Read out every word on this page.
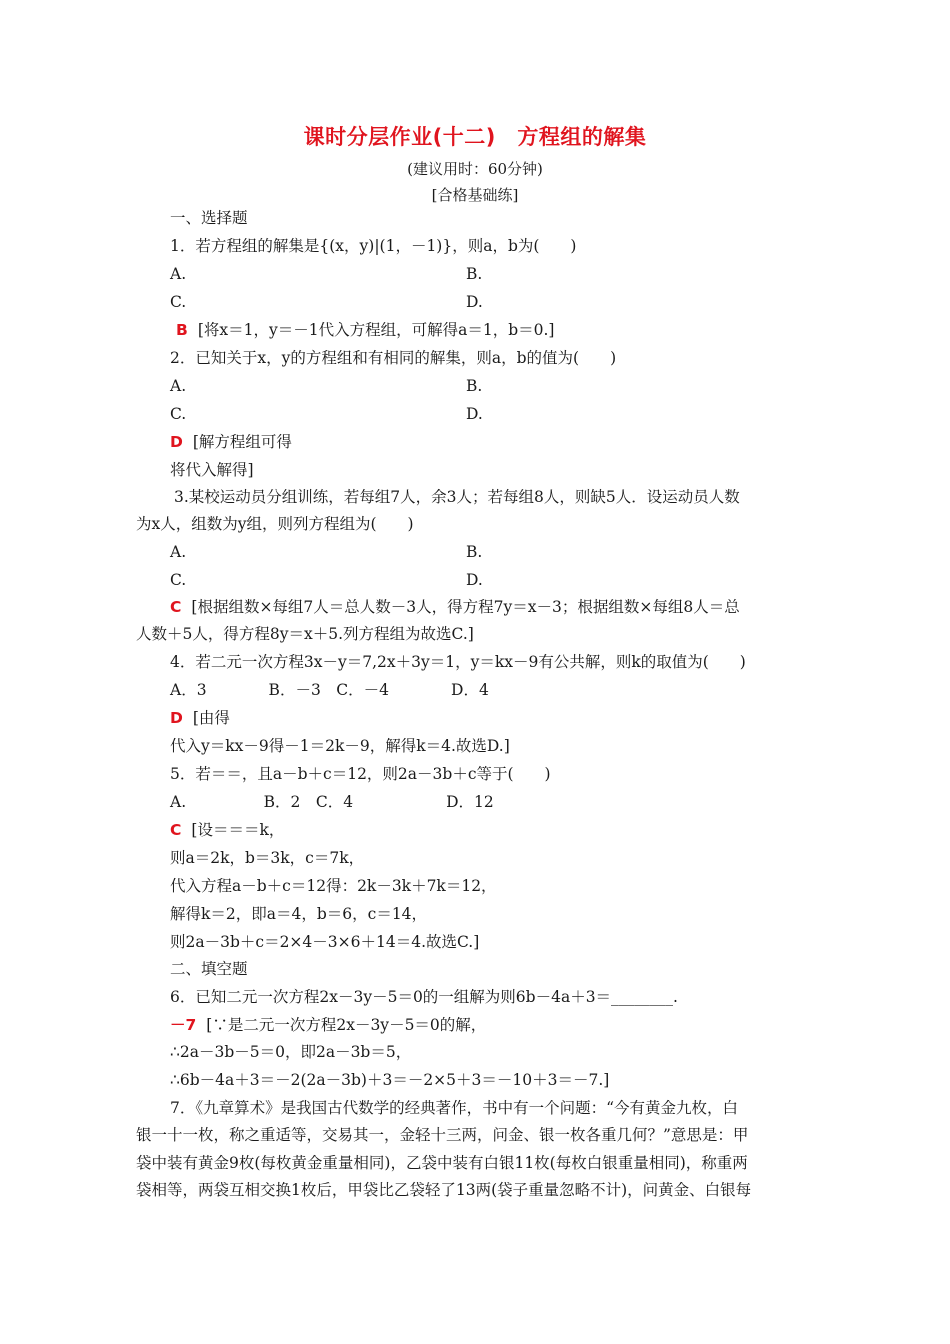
课时分层作业(十二)　方程组的解集
(建议用时：60分钟)
[合格基础练]
一、选择题
1．若方程组的解集是{(x，y)|(1，－1)}，则a，b为(　　)
A.	B.
C.	D.
B [将x＝1，y＝－1代入方程组，可解得a＝1，b＝0.]
2．已知关于x，y的方程组和有相同的解集，则a，b的值为(　　)
A.	B.
C.	D.
D [解方程组可得
将代入解得]
3.某校运动员分组训练，若每组7人，余3人；若每组8人，则缺5人．设运动员人数
为x人，组数为y组，则列方程组为(　　)
A.	B.
C.	D.
C [根据组数×每组7人＝总人数－3人，得方程7y＝x－3；根据组数×每组8人＝总
人数＋5人，得方程8y＝x＋5.列方程组为故选C.]
4．若二元一次方程3x－y＝7,2x＋3y＝1，y＝kx－9有公共解，则k的取值为(　　)
A．3　　　　B．－3　C．－4　　　　D．4
D [由得
代入y＝kx－9得－1＝2k－9，解得k＝4.故选D.]
5．若＝＝，且a－b＋c＝12，则2a－3b＋c等于(　　)
A.　　　　　B．2　C．4　　　　　　D．12
C [设＝＝＝k，
则a＝2k，b＝3k，c＝7k，
代入方程a－b＋c＝12得：2k－3k＋7k＝12，
解得k＝2，即a＝4，b＝6，c＝14，
则2a－3b＋c＝2×4－3×6＋14＝4.故选C.]
二、填空题
6．已知二元一次方程2x－3y－5＝0的一组解为则6b－4a＋3＝________.
－7 [∵是二元一次方程2x－3y－5＝0的解，
∴2a－3b－5＝0，即2a－3b＝5，
∴6b－4a＋3＝－2(2a－3b)＋3＝－2×5＋3＝－10＋3＝－7.]
7．《九章算术》是我国古代数学的经典著作，书中有一个问题：“今有黄金九枚，白
银一十一枚，称之重适等，交易其一，金轻十三两，问金、银一枚各重几何？”意思是：甲
袋中装有黄金9枚(每枚黄金重量相同)，乙袋中装有白银11枚(每枚白银重量相同)，称重两
袋相等，两袋互相交换1枚后，甲袋比乙袋轻了13两(袋子重量忽略不计)，问黄金、白银每
